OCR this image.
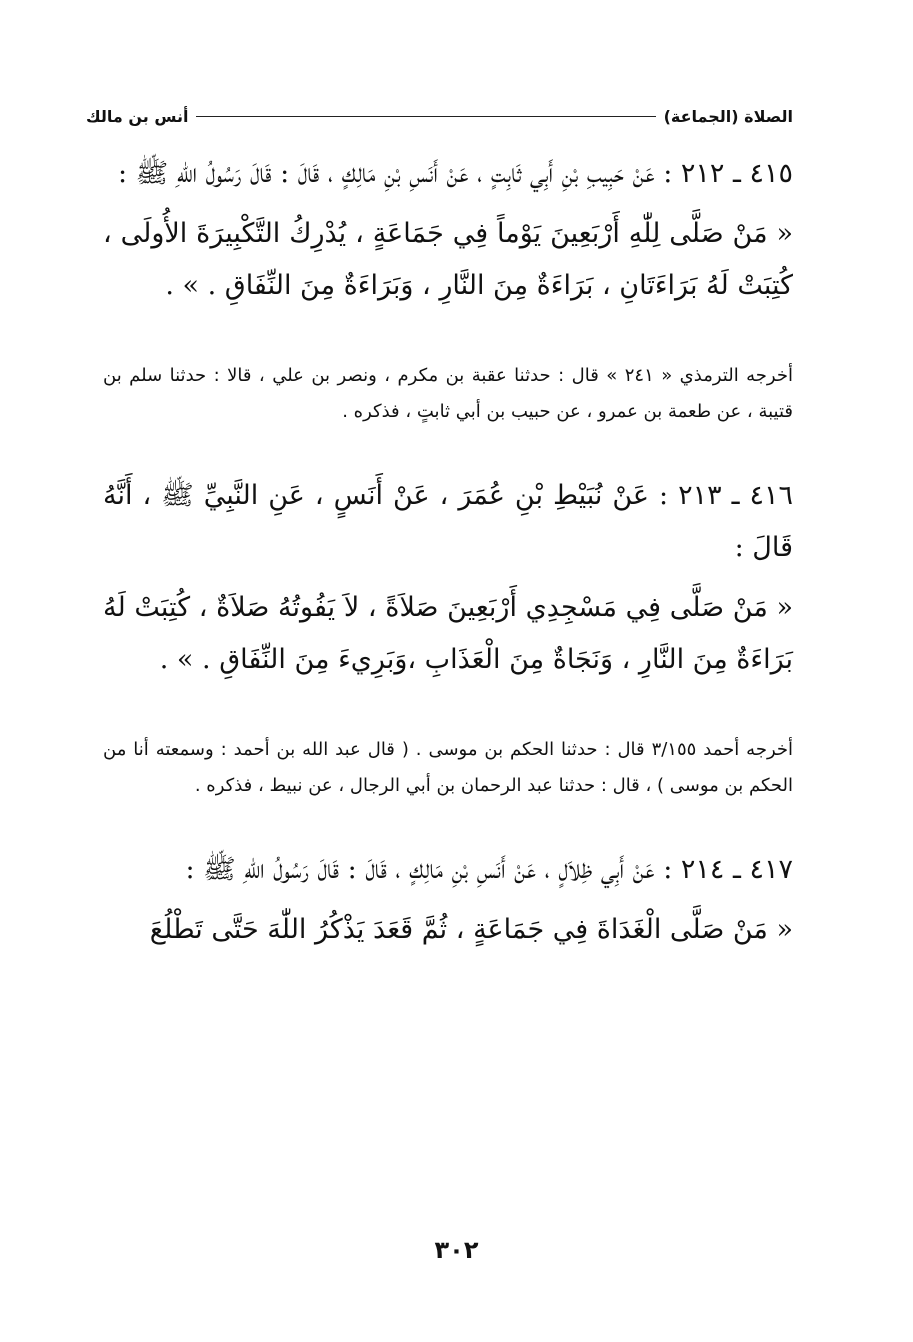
الصلاة (الجماعة)
أنس بن مالك

٤١٥ ـ ٢١٢ : عَنْ حَبِيبِ بْنِ أَبِي ثَابِتٍ ، عَنْ أَنَسِ بْنِ مَالِكٍ ، قَالَ : قَالَ رَسُولُ اللّٰهِ ﷺ :

« مَنْ صَلَّى لِلّٰهِ أَرْبَعِينَ يَوْماً فِي جَمَاعَةٍ ، يُدْرِكُ التَّكْبِيرَةَ الأُولَى ، كُتِبَتْ لَهُ بَرَاءَتَانِ ، بَرَاءَةٌ مِنَ النَّارِ ، وَبَرَاءَةٌ مِنَ النِّفَاقِ . » .

أخرجه الترمذي « ٢٤١ » قال : حدثنا عقبة بن مكرم ، ونصر بن علي ، قالا : حدثنا سلم بن قتيبة ، عن طعمة بن عمرو ، عن حبيب بن أبي ثابتٍ ، فذكره .

٤١٦ ـ ٢١٣ : عَنْ نُبَيْطِ بْنِ عُمَرَ ، عَنْ أَنَسٍ ، عَنِ النَّبِيِّ ﷺ ، أَنَّهُ قَالَ :

« مَنْ صَلَّى فِي مَسْجِدِي أَرْبَعِينَ صَلاَةً ، لاَ يَفُوتُهُ صَلاَةٌ ، كُتِبَتْ لَهُ بَرَاءَةٌ مِنَ النَّارِ ، وَنَجَاةٌ مِنَ الْعَذَابِ ،وَبَرِيءَ مِنَ النِّفَاقِ . » .

أخرجه أحمد ٣/١٥٥ قال : حدثنا الحكم بن موسى . ( قال عبد الله بن أحمد : وسمعته أنا من الحكم بن موسى ) ، قال : حدثنا عبد الرحمان بن أبي الرجال ، عن نبيط ، فذكره .

٤١٧ ـ ٢١٤ : عَنْ أَبِي ظِلاَلٍ ، عَنْ أَنَسِ بْنِ مَالِكٍ ، قَالَ : قَالَ رَسُولُ اللّٰهِ ﷺ :

« مَنْ صَلَّى الْغَدَاةَ فِي جَمَاعَةٍ ، ثُمَّ قَعَدَ يَذْكُرُ اللّٰهَ حَتَّى تَطْلُعَ

٣٠٢
